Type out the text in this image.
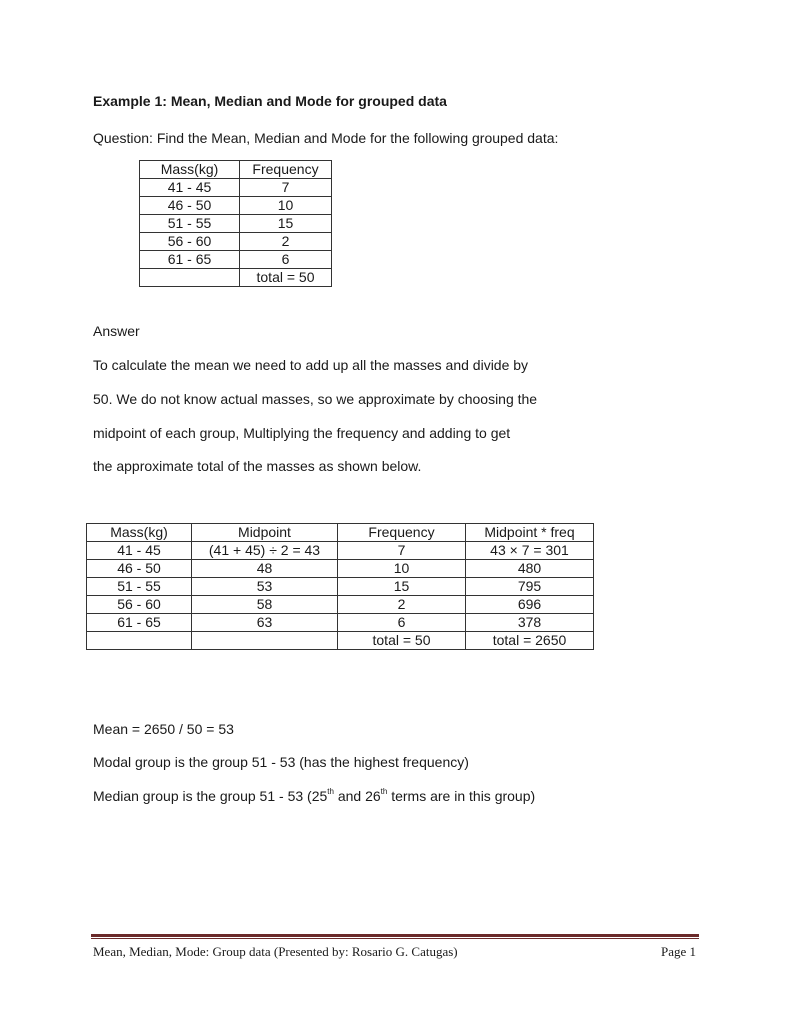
Example 1: Mean, Median and Mode for grouped data
Question: Find the Mean, Median and Mode for the following grouped data:
Mass(kg)	Frequency
41 - 45	7
46 - 50	10
51 - 55	15
56 - 60	2
61 - 65	6
	total = 50
Answer
To calculate the mean we need to add up all the masses and divide by
50. We do not know actual masses, so we approximate by choosing the
midpoint of each group, Multiplying the frequency and adding to get
the approximate total of the masses as shown below.
Mass(kg)	Midpoint	Frequency	Midpoint * freq
41 - 45	(41 + 45) ÷ 2 = 43	7	43 × 7 = 301
46 - 50	48	10	480
51 - 55	53	15	795
56 - 60	58	2	696
61 - 65	63	6	378
		total = 50	total = 2650
Mean = 2650 / 50 = 53
Modal group is the group 51 - 53 (has the highest frequency)
Median group is the group 51 - 53 (25th and 26th terms are in this group)
Mean, Median, Mode: Group data (Presented by: Rosario G. Catugas)	Page 1
